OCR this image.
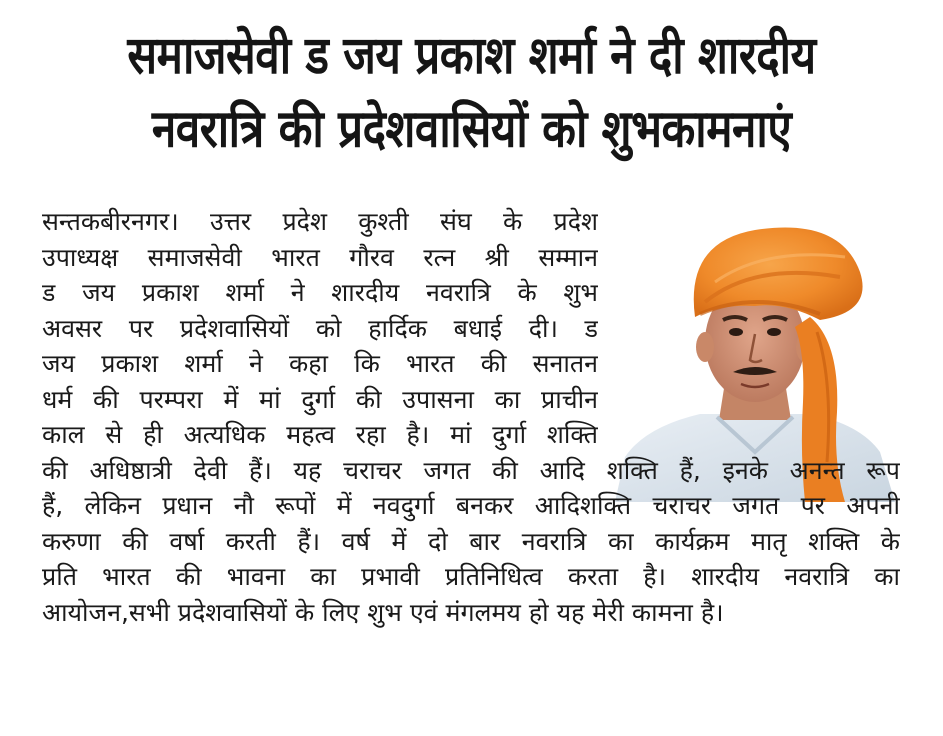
समाजसेवी ड जय प्रकाश शर्मा ने दी शारदीय
नवरात्रि की प्रदेशवासियों को शुभकामनाएं
सन्तकबीरनगर। उत्तर प्रदेश कुश्ती संघ के प्रदेश
उपाध्यक्ष समाजसेवी भारत गौरव रत्न श्री सम्मान
ड जय प्रकाश शर्मा ने शारदीय नवरात्रि के शुभ
अवसर पर प्रदेशवासियों को हार्दिक बधाई दी। ड
जय प्रकाश शर्मा ने कहा कि भारत की सनातन
धर्म की परम्परा में मां दुर्गा की उपासना का प्राचीन
काल से ही अत्यधिक महत्व रहा है। मां दुर्गा शक्ति
की अधिष्ठात्री देवी हैं। यह चराचर जगत की आदि शक्ति हैं, इनके अनन्त रूप
हैं, लेकिन प्रधान नौ रूपों में नवदुर्गा बनकर आदिशक्ति चराचर जगत पर अपनी
करुणा की वर्षा करती हैं। वर्ष में दो बार नवरात्रि का कार्यक्रम मातृ शक्ति के
प्रति भारत की भावना का प्रभावी प्रतिनिधित्व करता है। शारदीय नवरात्रि का
आयोजन,सभी प्रदेशवासियों के लिए शुभ एवं मंगलमय हो यह मेरी कामना है।
